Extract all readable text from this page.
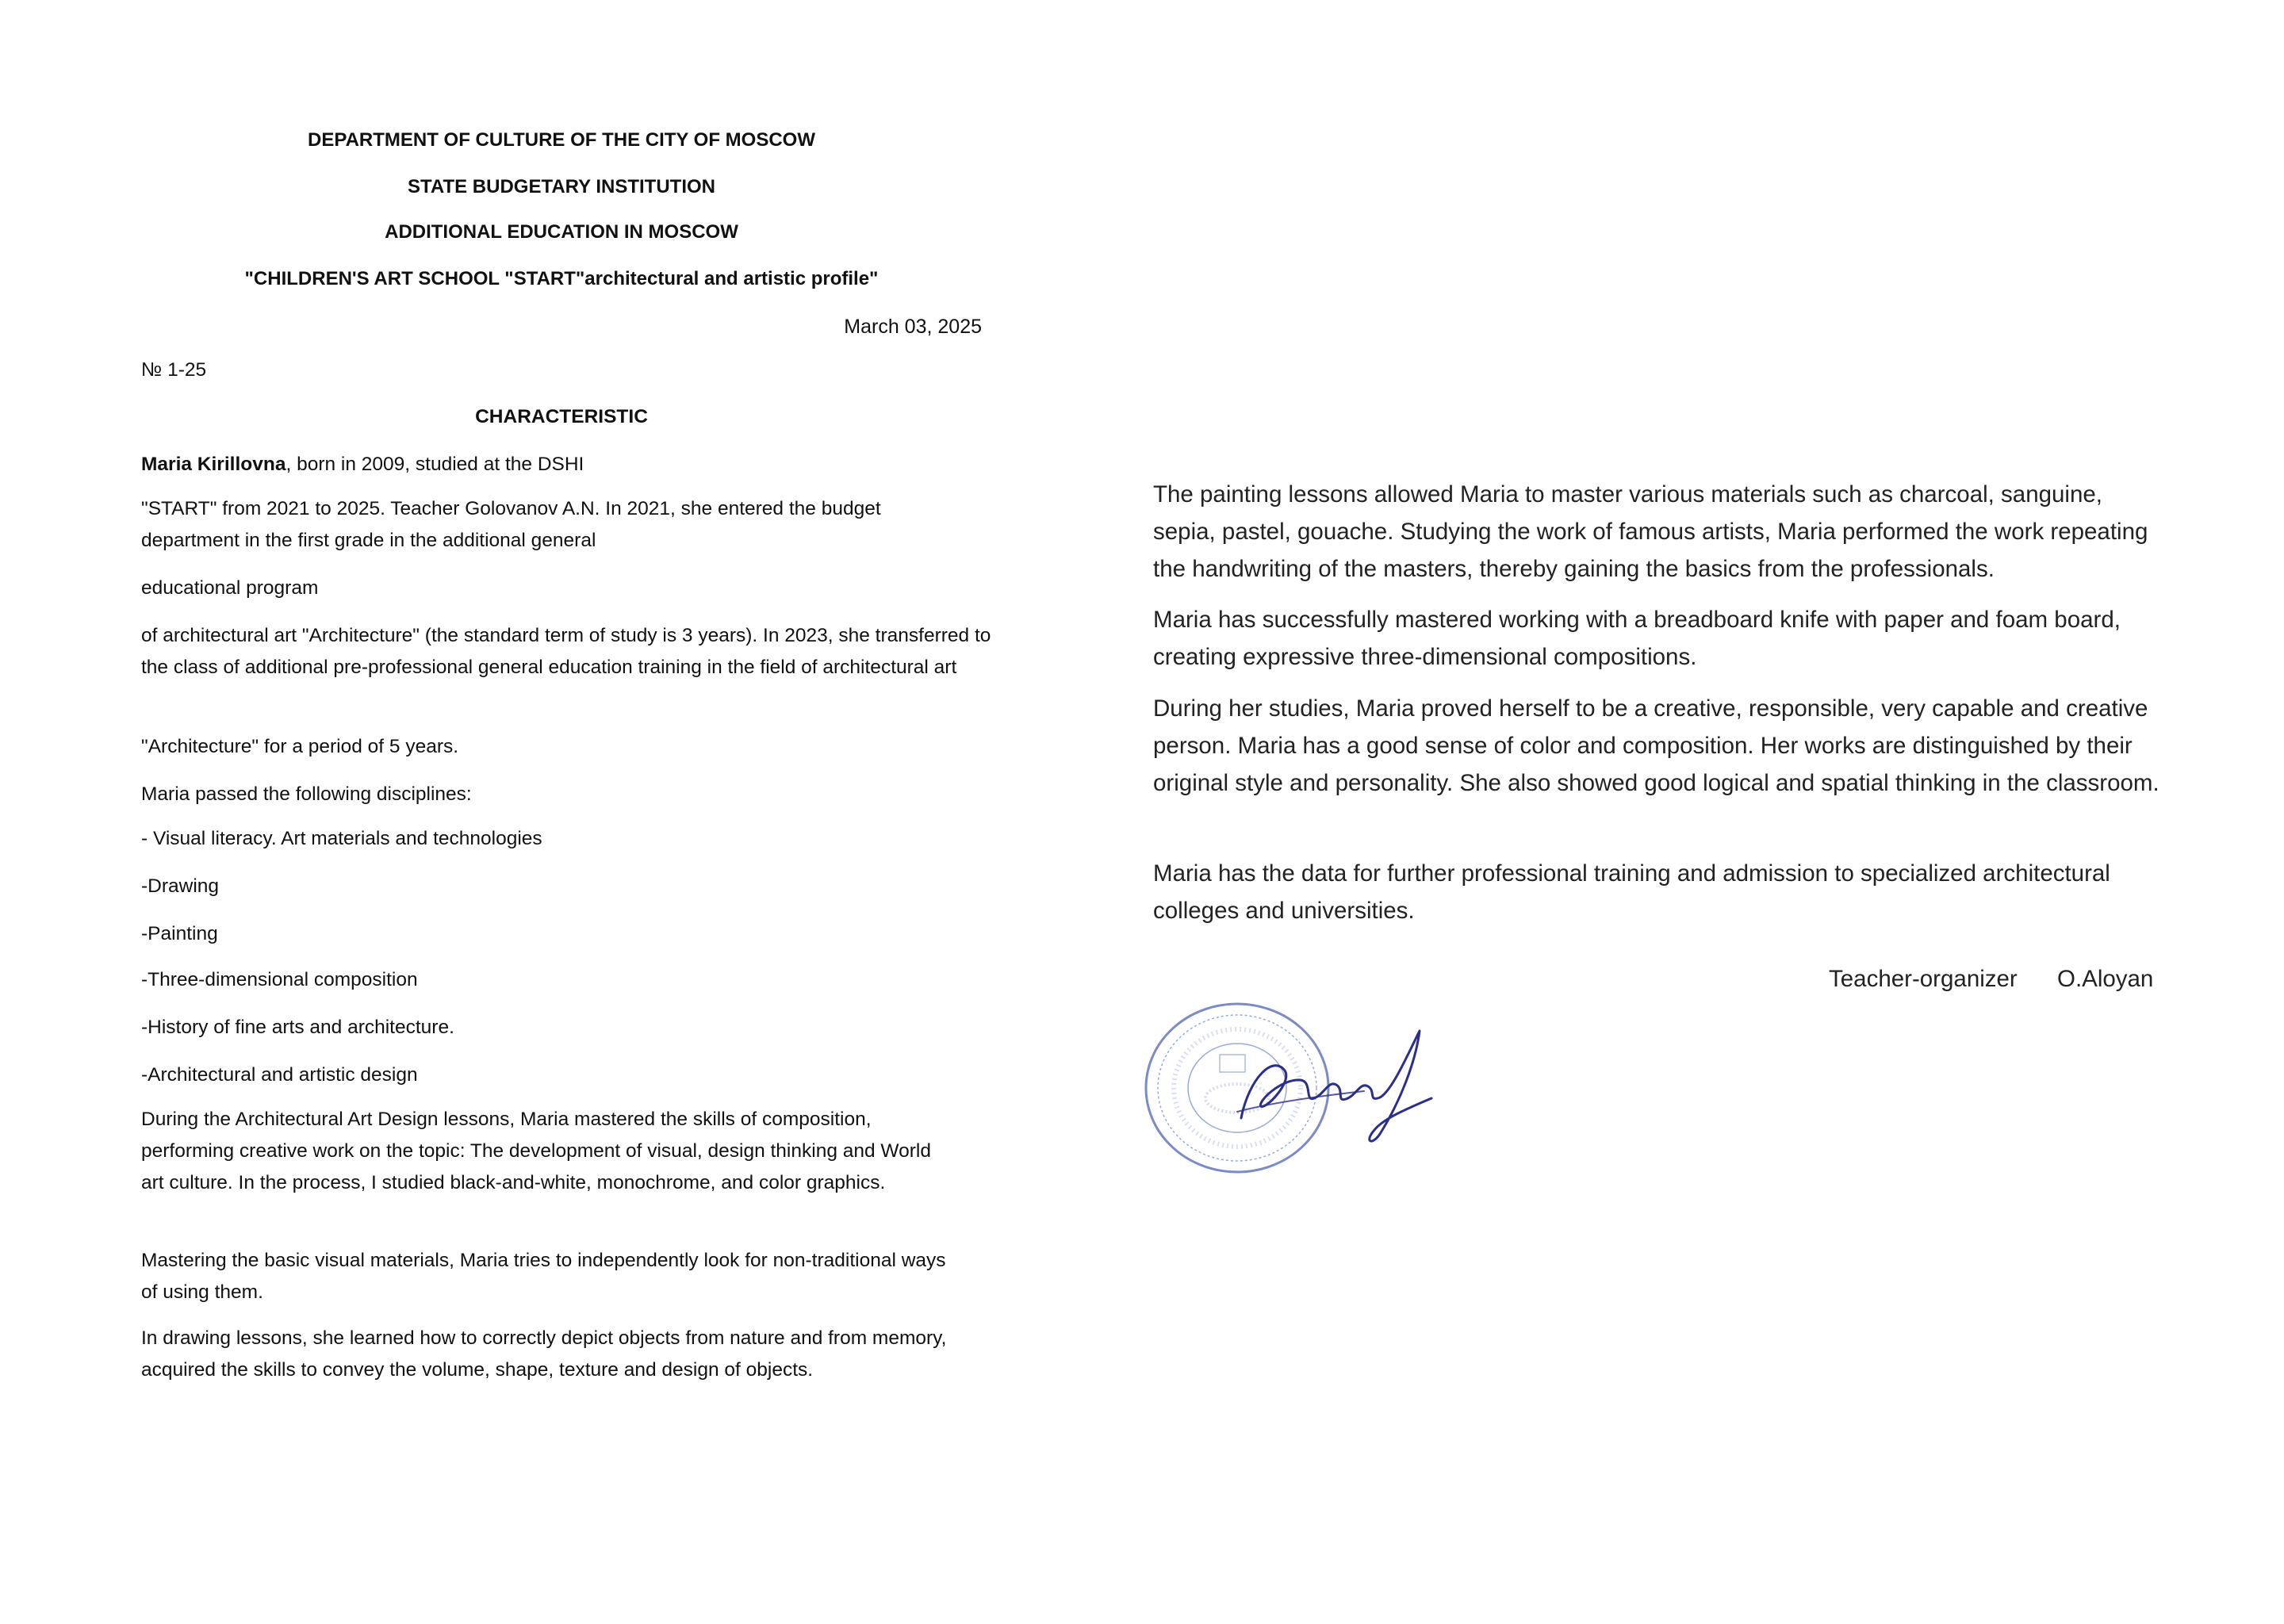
DEPARTMENT OF CULTURE OF THE CITY OF MOSCOW

STATE BUDGETARY INSTITUTION

ADDITIONAL EDUCATION IN MOSCOW

"CHILDREN'S ART SCHOOL "START"architectural and artistic profile"

March 03, 2025
№ 1-25
CHARACTERISTIC
Maria Kirillovna, born in 2009, studied at the DSHI
"START" from 2021 to 2025. Teacher Golovanov A.N. In 2021, she entered the budget department in the first grade in the additional general
educational program
of architectural art "Architecture" (the standard term of study is 3 years). In 2023, she transferred to the class of additional pre-professional general education training in the field of architectural art
"Architecture" for a period of 5 years.
Maria passed the following disciplines:
- Visual literacy. Art materials and technologies
-Drawing
-Painting
-Three-dimensional composition
-History of fine arts and architecture.
-Architectural and artistic design
During the Architectural Art Design lessons, Maria mastered the skills of composition, performing creative work on the topic: The development of visual, design thinking and World art culture. In the process, I studied black-and-white, monochrome, and color graphics.
Mastering the basic visual materials, Maria tries to independently look for non-traditional ways of using them.
In drawing lessons, she learned how to correctly depict objects from nature and from memory, acquired the skills to convey the volume, shape, texture and design of objects.

The painting lessons allowed Maria to master various materials such as charcoal, sanguine, sepia, pastel, gouache. Studying the work of famous artists, Maria performed the work repeating the handwriting of the masters, thereby gaining the basics from the professionals.

Maria has successfully mastered working with a breadboard knife with paper and foam board, creating expressive three-dimensional compositions.

During her studies, Maria proved herself to be a creative, responsible, very capable and creative person. Maria has a good sense of color and composition. Her works are distinguished by their original style and personality. She also showed good logical and spatial thinking in the classroom.

Maria has the data for further professional training and admission to specialized architectural colleges and universities.

Teacher-organizer O.Aloyan
